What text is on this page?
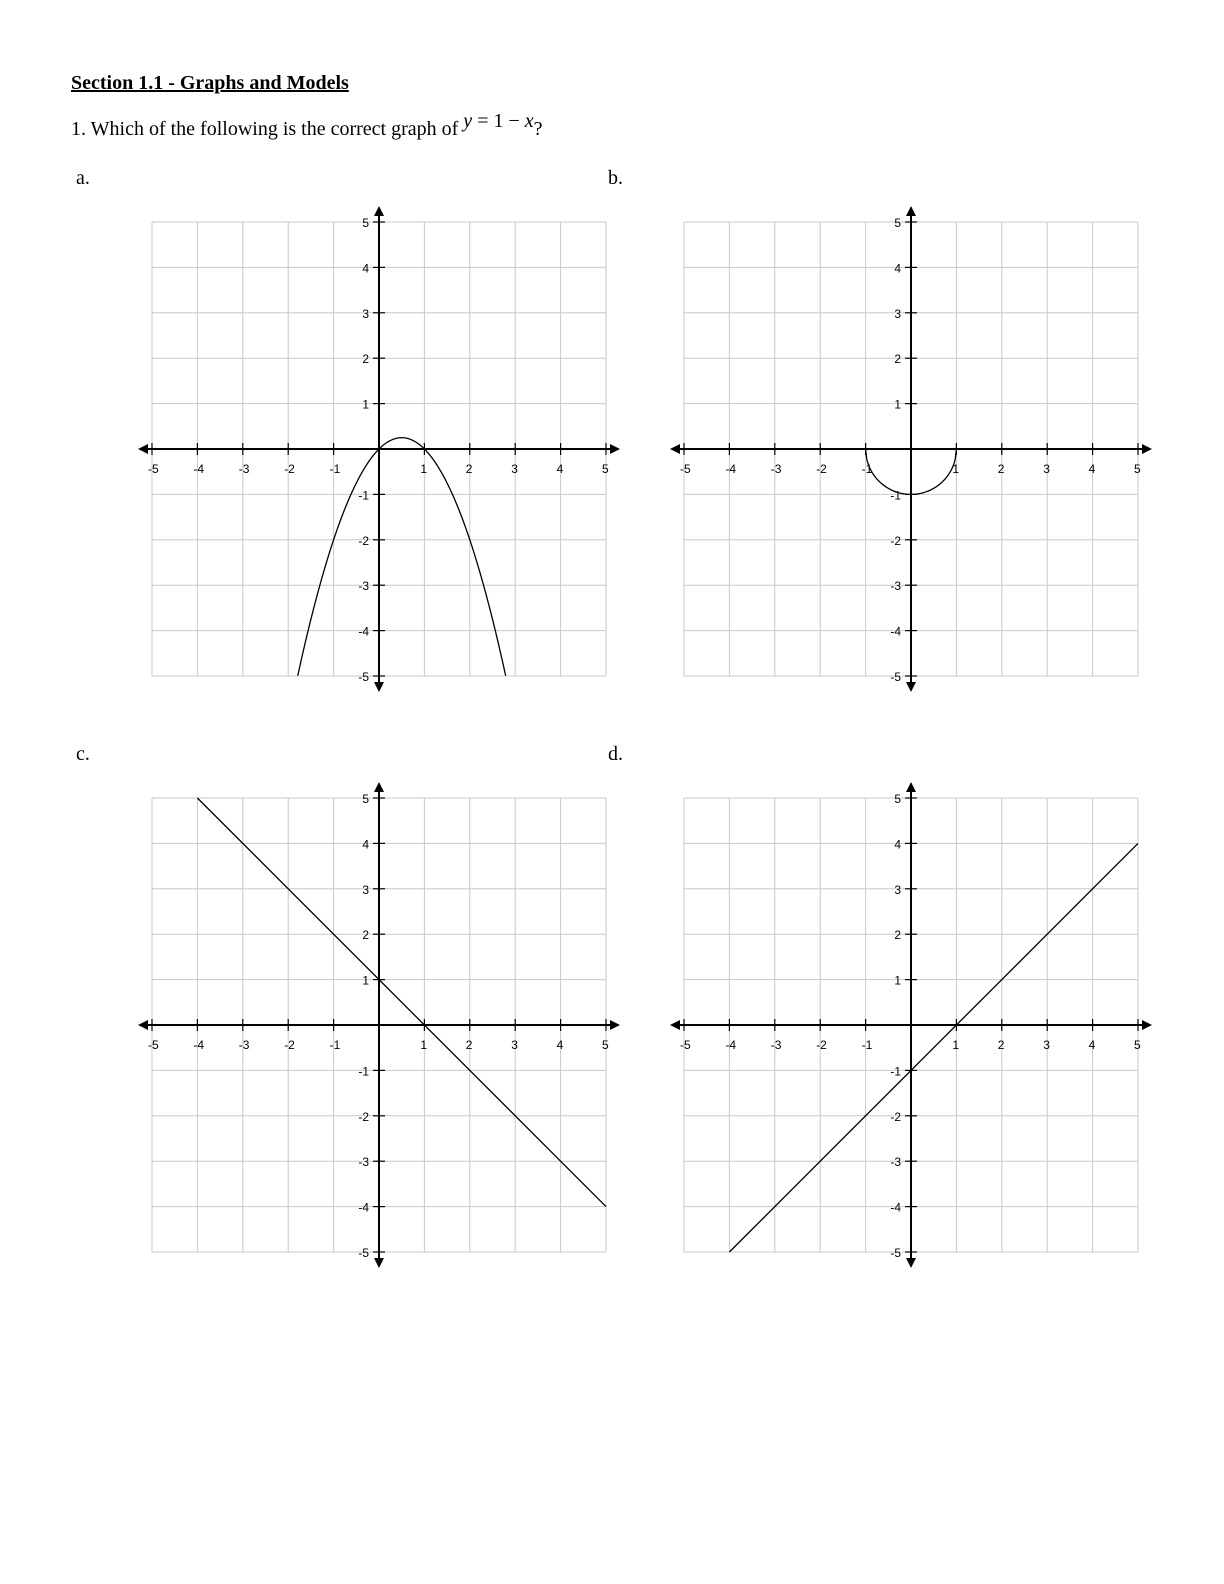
Section 1.1 - Graphs and Models
1. Which of the following is the correct graph of y = 1 − x?
a.	b.
c.	d.
-5	-4	-3	-2	-1	1	2	3	4	5
5
4
3
2
1
-1
-2
-3
-4
-5
-5	-4	-3	-2	-1	1	2	3	4	5
5
4
3
2
1
-1
-2
-3
-4
-5
-5	-4	-3	-2	-1	1	2	3	4	5
5
4
3
2
1
-1
-2
-3
-4
-5
-5	-4	-3	-2	-1	1	2	3	4	5
5
4
3
2
1
-1
-2
-3
-4
-5
